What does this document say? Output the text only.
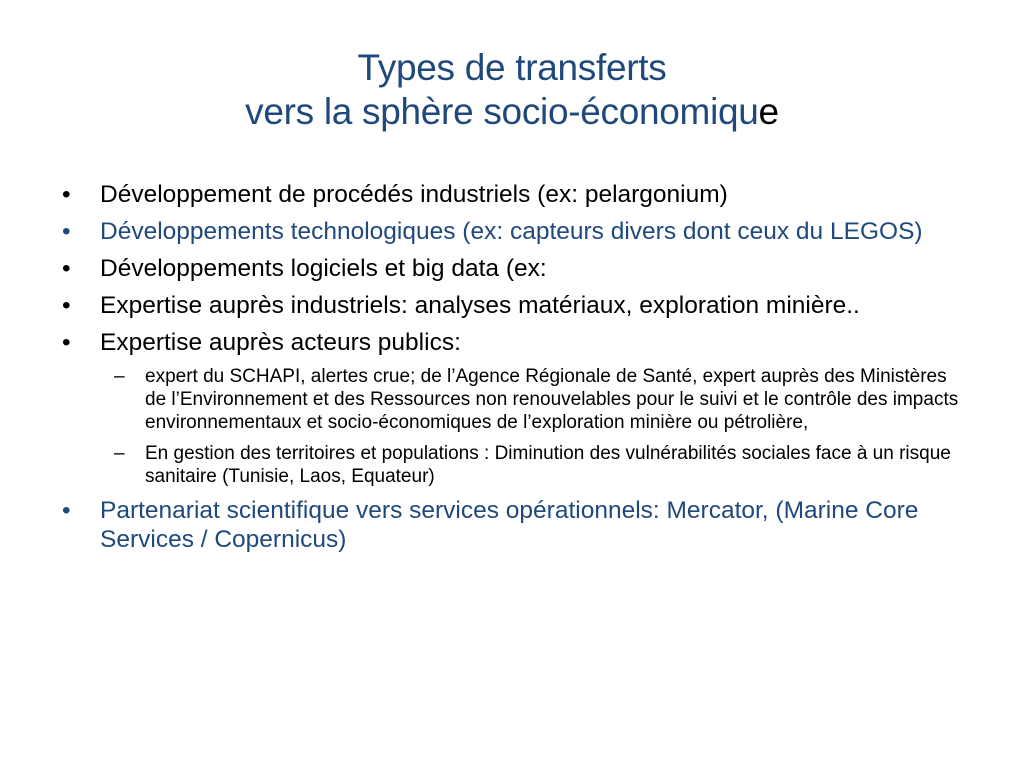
Types de transferts
vers la sphère socio-économique
•	Développement de procédés industriels (ex: pelargonium)
•	Développements technologiques (ex: capteurs divers dont ceux du LEGOS)
•	Développements logiciels et big data (ex:
•	Expertise auprès industriels: analyses matériaux, exploration minière..
•	Expertise auprès acteurs publics:
– expert du SCHAPI, alertes crue; de l’Agence Régionale de Santé, expert auprès des Ministères de l’Environnement et des Ressources non renouvelables pour le suivi et le contrôle des impacts environnementaux et socio-économiques de l’exploration minière ou pétrolière,
– En gestion des territoires et populations : Diminution des vulnérabilités sociales face à un risque sanitaire (Tunisie, Laos, Equateur)
•	Partenariat scientifique vers services opérationnels: Mercator, (Marine Core Services / Copernicus)
